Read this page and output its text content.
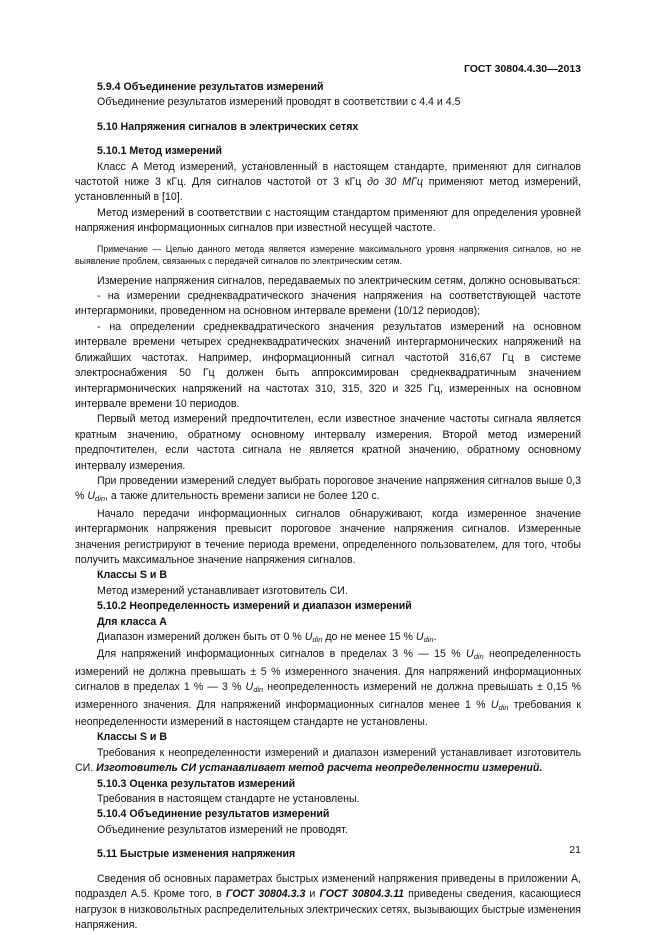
ГОСТ 30804.4.30—2013

5.9.4 Объединение результатов измерений

Объединение результатов измерений проводят в соответствии с 4.4 и 4.5

5.10 Напряжения сигналов в электрических сетях

5.10.1 Метод измерений

Класс А Метод измерений, установленный в настоящем стандарте, применяют для сигналов частотой ниже 3 кГц. Для сигналов частотой от 3 кГц до 30 МГц применяют метод измерений, установленный в [10].

Метод измерений в соответствии с настоящим стандартом применяют для определения уровней напряжения информационных сигналов при известной несущей частоте.

Примечание — Целью данного метода является измерение максимального уровня напряжения сигналов, но не выявление проблем, связанных с передачей сигналов по электрическим сетям.

Измерение напряжения сигналов, передаваемых по электрическим сетям, должно основываться:

- на измерении среднеквадратического значения напряжения на соответствующей частоте интергармоники, проведенном на основном интервале времени (10/12 периодов);

- на определении среднеквадратического значения результатов измерений на основном интервале времени четырех среднеквадратических значений интергармонических напряжений на ближайших частотах. Например, информационный сигнал частотой 316,67 Гц в системе электроснабжения 50 Гц должен быть аппроксимирован среднеквадратичным значением интергармонических напряжений на частотах 310, 315, 320 и 325 Гц, измеренных на основном интервале времени 10 периодов.

Первый метод измерений предпочтителен, если известное значение частоты сигнала является кратным значению, обратному основному интервалу измерения. Второй метод измерений предпочтителен, если частота сигнала не является кратной значению, обратному основному интервалу измерения.

При проведении измерений следует выбрать пороговое значение напряжения сигналов выше 0,3 % $U_{din}$, а также длительность времени записи не более 120 с.

Начало передачи информационных сигналов обнаруживают, когда измеренное значение интергармоник напряжения превысит пороговое значение напряжения сигналов. Измеренные значения регистрируют в течение периода времени, определенного пользователем, для того, чтобы получить максимальное значение напряжения сигналов.

Классы S и В

Метод измерений устанавливает изготовитель СИ.

5.10.2 Неопределенность измерений и диапазон измерений

Для класса А

Диапазон измерений должен быть от 0 % $U_{din}$ до не менее 15 % $U_{din}$.

Для напряжений информационных сигналов в пределах 3 % — 15 % $U_{din}$ неопределенность измерений не должна превышать ± 5 % измеренного значения. Для напряжений информационных сигналов в пределах 1 % — 3 % $U_{din}$ неопределенность измерений не должна превышать ± 0,15 % измеренного значения. Для напряжений информационных сигналов менее 1 % $U_{din}$ требования к неопределенности измерений в настоящем стандарте не установлены.

Классы S и В

Требования к неопределенности измерений и диапазон измерений устанавливает изготовитель СИ. Изготовитель СИ устанавливает метод расчета неопределенности измерений.

5.10.3 Оценка результатов измерений

Требования в настоящем стандарте не установлены.

5.10.4 Объединение результатов измерений

Объединение результатов измерений не проводят.

5.11 Быстрые изменения напряжения

Сведения об основных параметрах быстрых изменений напряжения приведены в приложении А, подраздел А.5. Кроме того, в ГОСТ 30804.3.3 и ГОСТ 30804.3.11 приведены сведения, касающиеся нагрузок в низковольтных распределительных электрических сетях, вызывающих быстрые изменения напряжения.

21
